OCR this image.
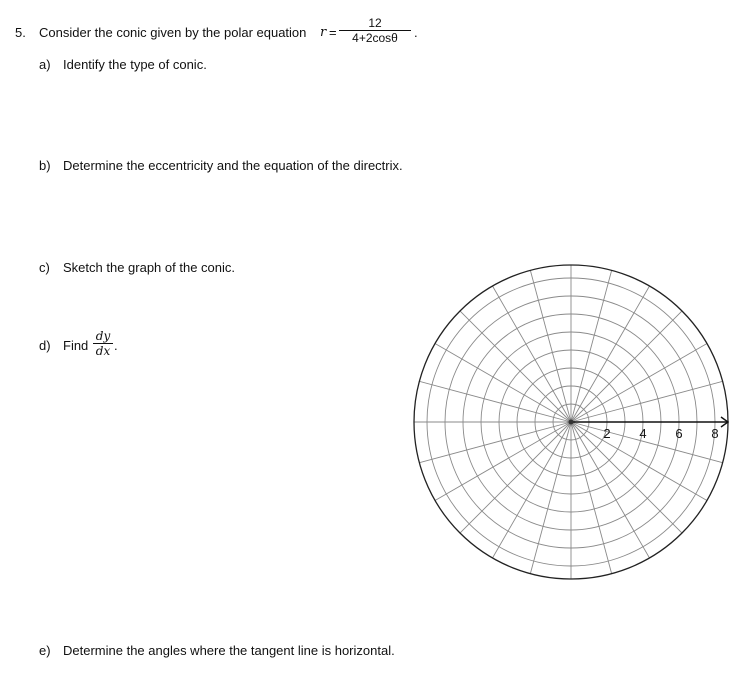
5. Consider the conic given by the polar equation r =
12
4+2cosθ	.
a) Identify the type of conic.
b) Determine the eccentricity and the equation of the directrix.
c) Sketch the graph of the conic.
d) Find
dy
dx .
e) Determine the angles where the tangent line is horizontal.
2 4 6 8
